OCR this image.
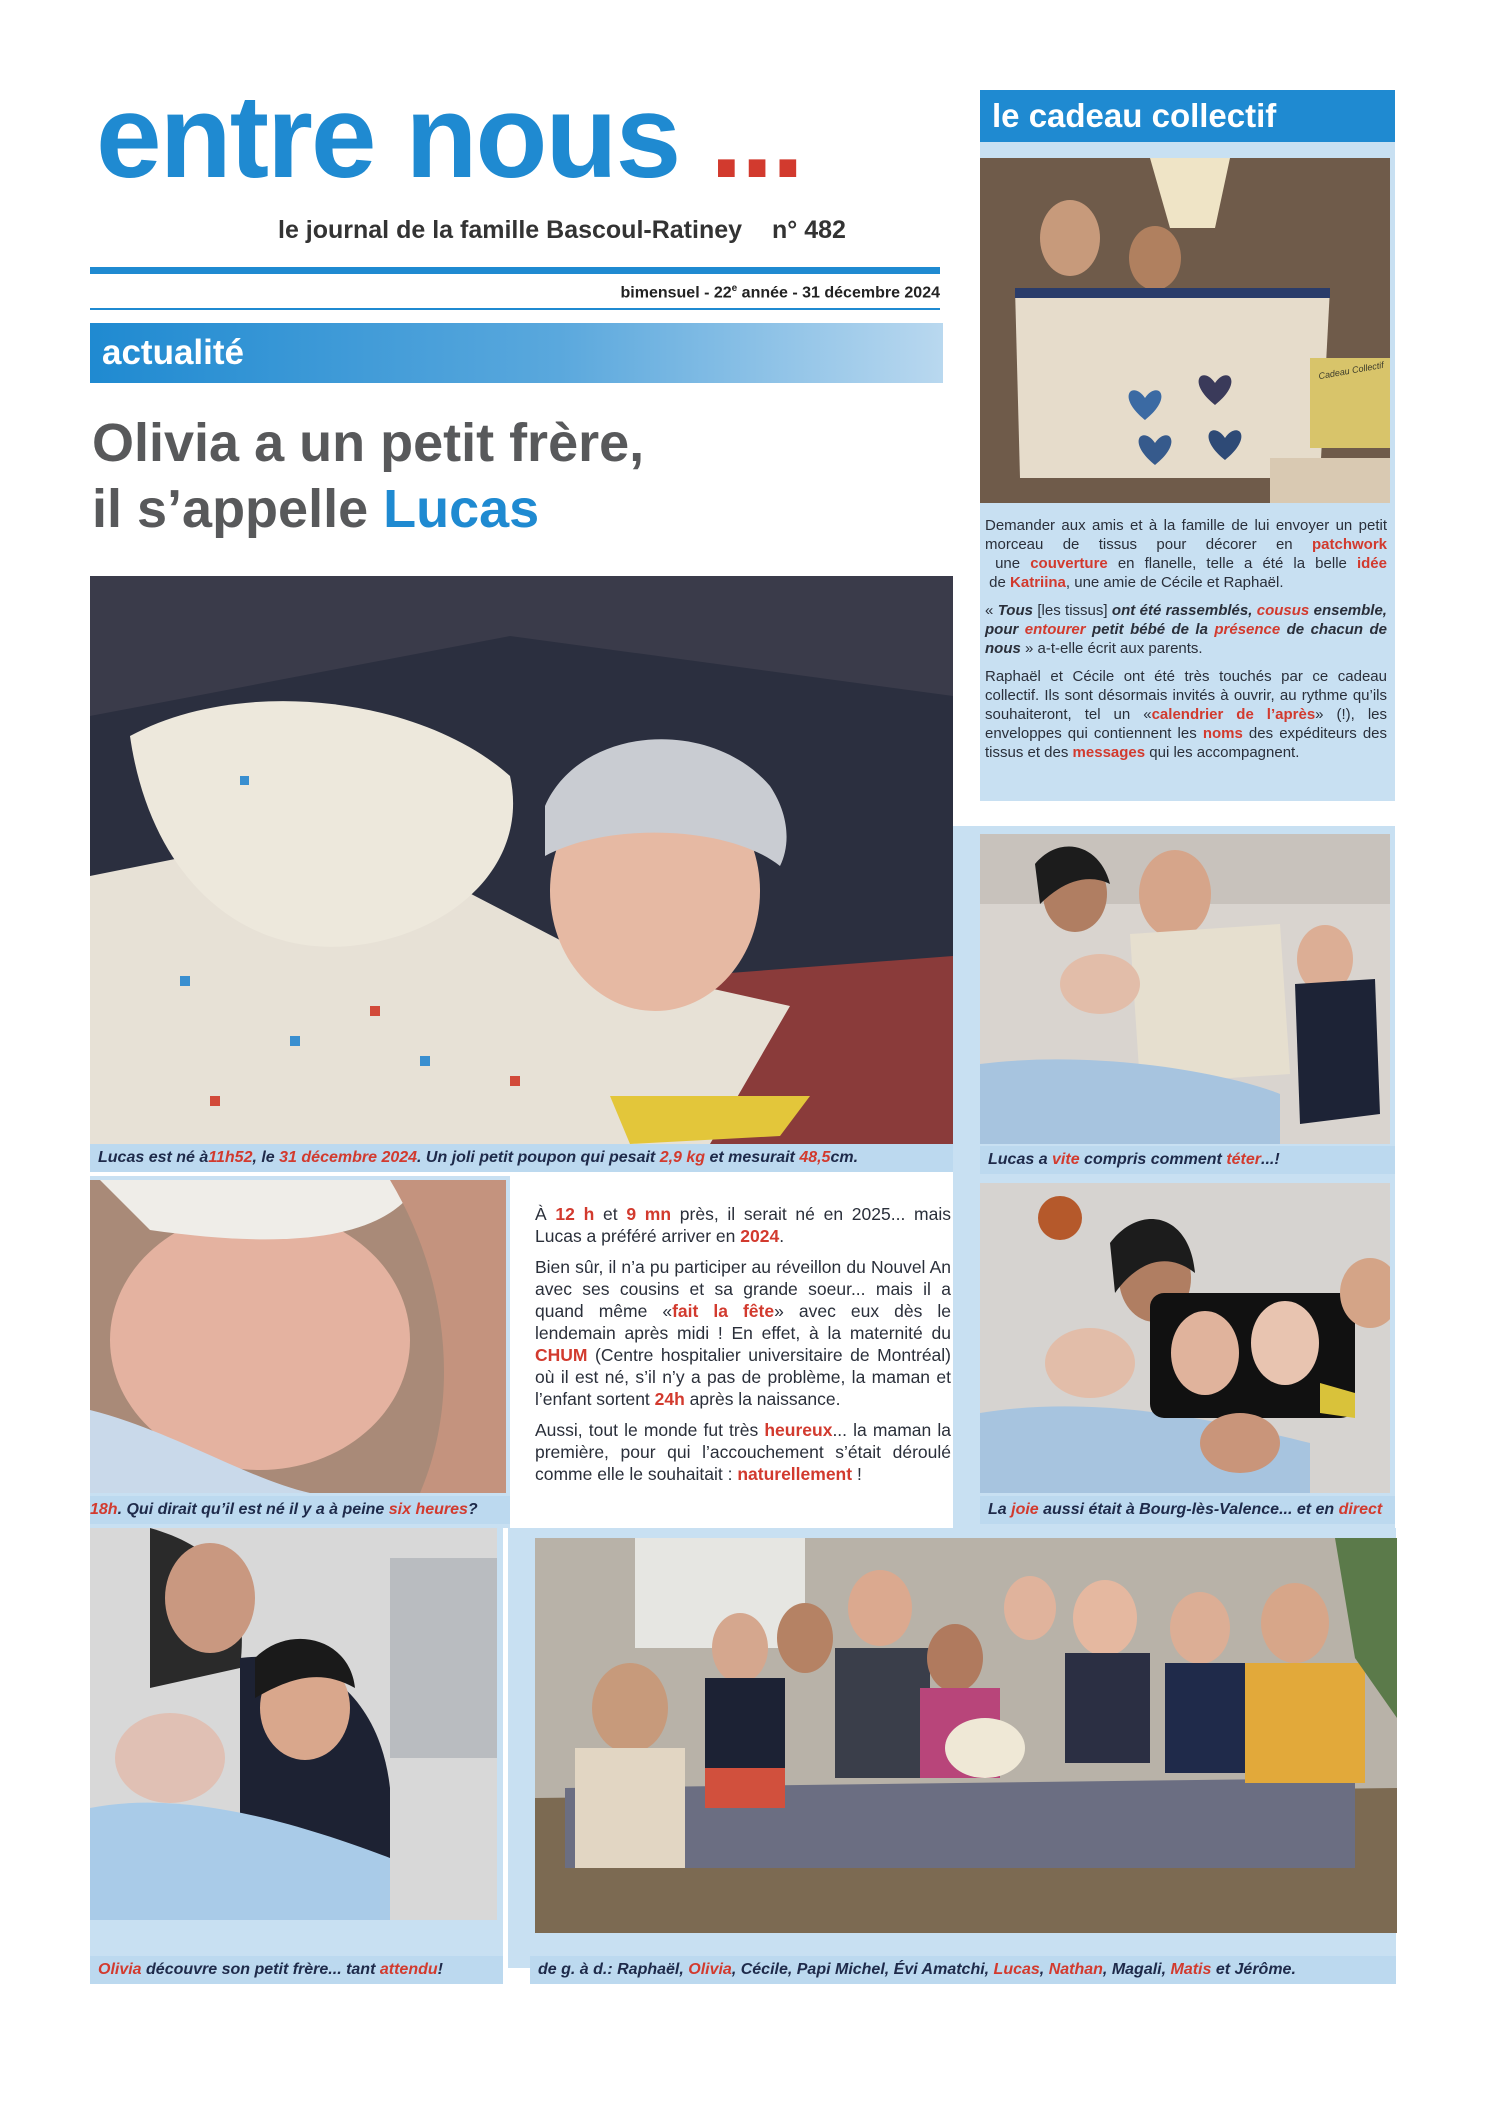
entre nous ...
le journal de la famille Bascoul-Ratiney n° 482
bimensuel - 22e année - 31 décembre 2024
actualité
Olivia a un petit frère,
il s’appelle Lucas
Lucas est né à 11h52 , le 31 décembre 2024 . Un joli petit poupon qui pesait 2,9 kg et mesurait 48,5 cm.
18h . Qui dirait qu’il est né il y a à peine six heures ?

À 12 h et 9 mn près, il serait né en 2025... mais Lucas a préféré arriver en 2024.

Bien sûr, il n’a pu participer au réveillon du Nouvel An avec ses cousins et sa grande soeur... mais il a quand même «fait la fête» avec eux dès le lendemain après midi ! En effet, à la maternité du CHUM (Centre hospitalier universitaire de Montréal) où il est né, s’il n’y a pas de problème, la maman et l’enfant sortent 24h après la naissance.

Aussi, tout le monde fut très heureux... la maman la première, pour qui l’accouchement s’était déroulé comme elle le souhaitait : naturellement !

Olivia découvre son petit frère... tant attendu !	de g. à d.: Raphaël, Olivia , Cécile, Papi Michel, Évi Amatchi, Lucas , Nathan , Magali, Matis et Jérôme.
le cadeau collectif
Cadeau Collectif

Demander aux amis et à la famille de lui envoyer un petit morceau de tissus pour décorer en patchwork une couverture en flanelle, telle a été la belle idée de Katriina, une amie de Cécile et Raphaël.

« Tous [les tissus] ont été rassemblés, cousus ensemble, pour entourer petit bébé de la présence de chacun de nous » a-t-elle écrit aux parents.

Raphaël et Cécile ont été très touchés par ce cadeau collectif. Ils sont désormais invités à ouvrir, au rythme qu’ils souhaiteront, tel un «calendrier de l’après» (!), les enveloppes qui contiennent les noms des expéditeurs des tissus et des messages qui les accompagnent.

Lucas a vite compris comment téter ...!
La joie aussi était à Bourg-lès-Valence... et en direct
